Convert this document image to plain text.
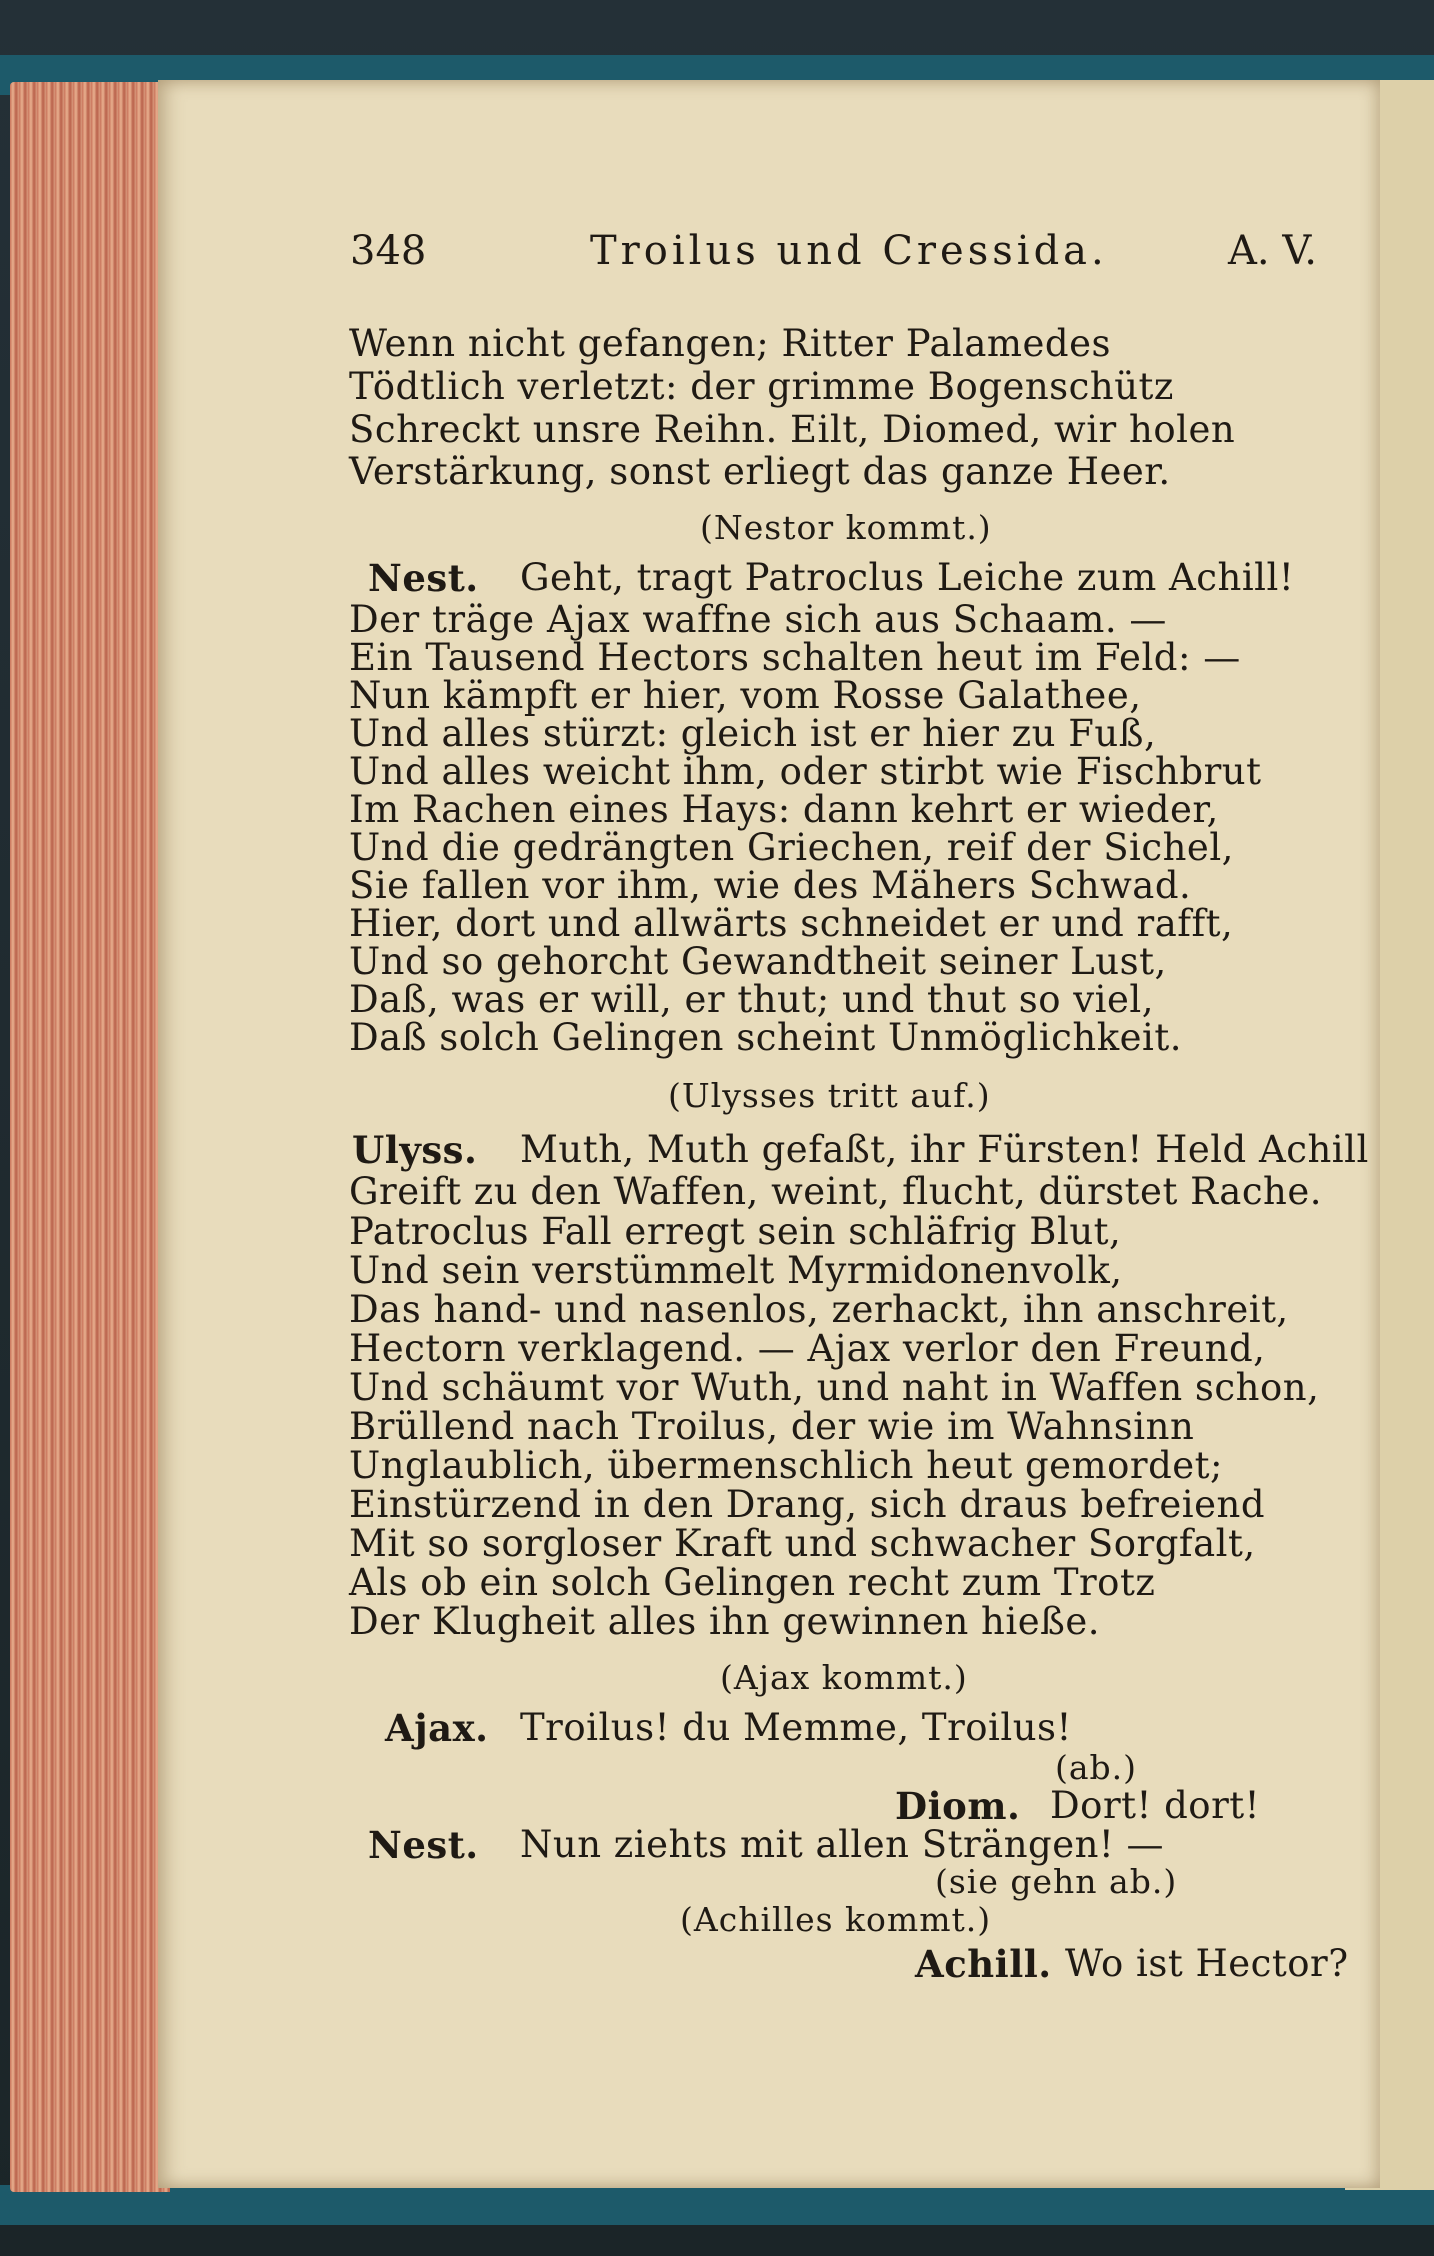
348	Troilus und Cressida.	A. V.
Wenn nicht gefangen; Ritter Palamedes
Tödtlich verletzt: der grimme Bogenschütz
Schreckt unsre Reihn. Eilt, Diomed, wir holen
Verstärkung, sonst erliegt das ganze Heer.
(Nestor kommt.)
Nest. Geht, tragt Patroclus Leiche zum Achill!
Der träge Ajax waffne sich aus Schaam. —
Ein Tausend Hectors schalten heut im Feld: —
Nun kämpft er hier, vom Rosse Galathee,
Und alles stürzt: gleich ist er hier zu Fuß,
Und alles weicht ihm, oder stirbt wie Fischbrut
Im Rachen eines Hays: dann kehrt er wieder,
Und die gedrängten Griechen, reif der Sichel,
Sie fallen vor ihm, wie des Mähers Schwad.
Hier, dort und allwärts schneidet er und rafft,
Und so gehorcht Gewandtheit seiner Lust,
Daß, was er will, er thut; und thut so viel,
Daß solch Gelingen scheint Unmöglichkeit.
(Ulysses tritt auf.)
Ulyss. Muth, Muth gefaßt, ihr Fürsten! Held Achill
Greift zu den Waffen, weint, flucht, dürstet Rache.
Patroclus Fall erregt sein schläfrig Blut,
Und sein verstümmelt Myrmidonenvolk,
Das hand- und nasenlos, zerhackt, ihn anschreit,
Hectorn verklagend. — Ajax verlor den Freund,
Und schäumt vor Wuth, und naht in Waffen schon,
Brüllend nach Troilus, der wie im Wahnsinn
Unglaublich, übermenschlich heut gemordet;
Einstürzend in den Drang, sich draus befreiend
Mit so sorgloser Kraft und schwacher Sorgfalt,
Als ob ein solch Gelingen recht zum Trotz
Der Klugheit alles ihn gewinnen hieße.
(Ajax kommt.)
Ajax. Troilus! du Memme, Troilus!
(ab.)
Diom. Dort! dort!
Nest. Nun ziehts mit allen Strängen! —
(sie gehn ab.)
(Achilles kommt.)
Achill. Wo ist Hector?
